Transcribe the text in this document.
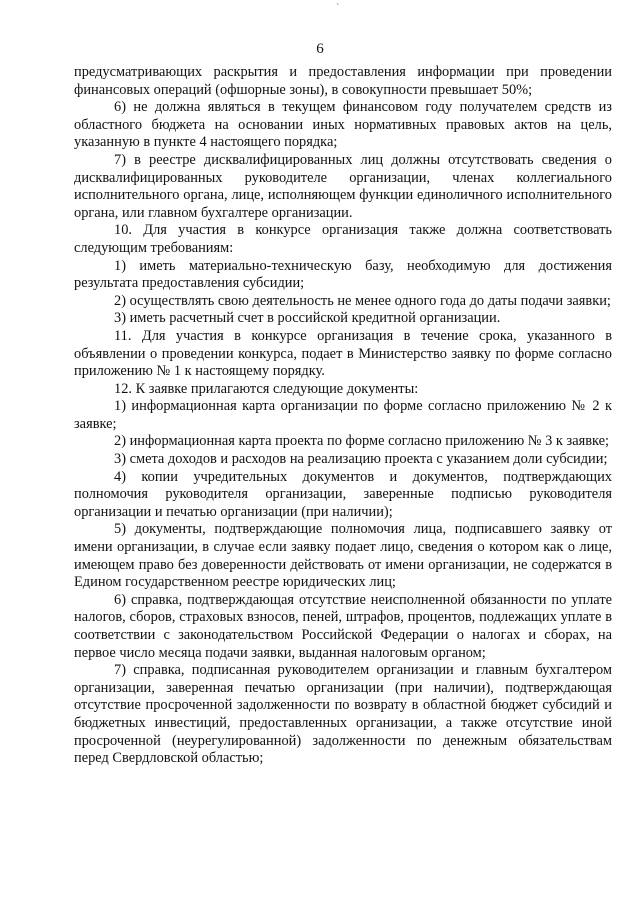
`
6

предусматривающих раскрытия и предоставления информации при проведении финансовых операций (офшорные зоны), в совокупности превышает 50%;

6) не должна являться в текущем финансовом году получателем средств из областного бюджета на основании иных нормативных правовых актов на цель, указанную в пункте 4 настоящего порядка;

7) в реестре дисквалифицированных лиц должны отсутствовать сведения о дисквалифицированных руководителе организации, членах коллегиального исполнительного органа, лице, исполняющем функции единоличного исполнительного органа, или главном бухгалтере организации.

10. Для участия в конкурсе организация также должна соответствовать следующим требованиям:

1) иметь материально-техническую базу, необходимую для достижения результата предоставления субсидии;

2) осуществлять свою деятельность не менее одного года до даты подачи заявки;

3) иметь расчетный счет в российской кредитной организации.

11. Для участия в конкурсе организация в течение срока, указанного в объявлении о проведении конкурса, подает в Министерство заявку по форме согласно приложению № 1 к настоящему порядку.

12. К заявке прилагаются следующие документы:

1) информационная карта организации по форме согласно приложению № 2 к заявке;

2) информационная карта проекта по форме согласно приложению № 3 к заявке;

3) смета доходов и расходов на реализацию проекта с указанием доли субсидии;

4) копии учредительных документов и документов, подтверждающих полномочия руководителя организации, заверенные подписью руководителя организации и печатью организации (при наличии);

5) документы, подтверждающие полномочия лица, подписавшего заявку от имени организации, в случае если заявку подает лицо, сведения о котором как о лице, имеющем право без доверенности действовать от имени организации, не содержатся в Едином государственном реестре юридических лиц;

6) справка, подтверждающая отсутствие неисполненной обязанности по уплате налогов, сборов, страховых взносов, пеней, штрафов, процентов, подлежащих уплате в соответствии с законодательством Российской Федерации о налогах и сборах, на первое число месяца подачи заявки, выданная налоговым органом;

7) справка, подписанная руководителем организации и главным бухгалтером организации, заверенная печатью организации (при наличии), подтверждающая отсутствие просроченной задолженности по возврату в областной бюджет субсидий и бюджетных инвестиций, предоставленных организации, а также отсутствие иной просроченной (неурегулированной) задолженности по денежным обязательствам перед Свердловской областью;
